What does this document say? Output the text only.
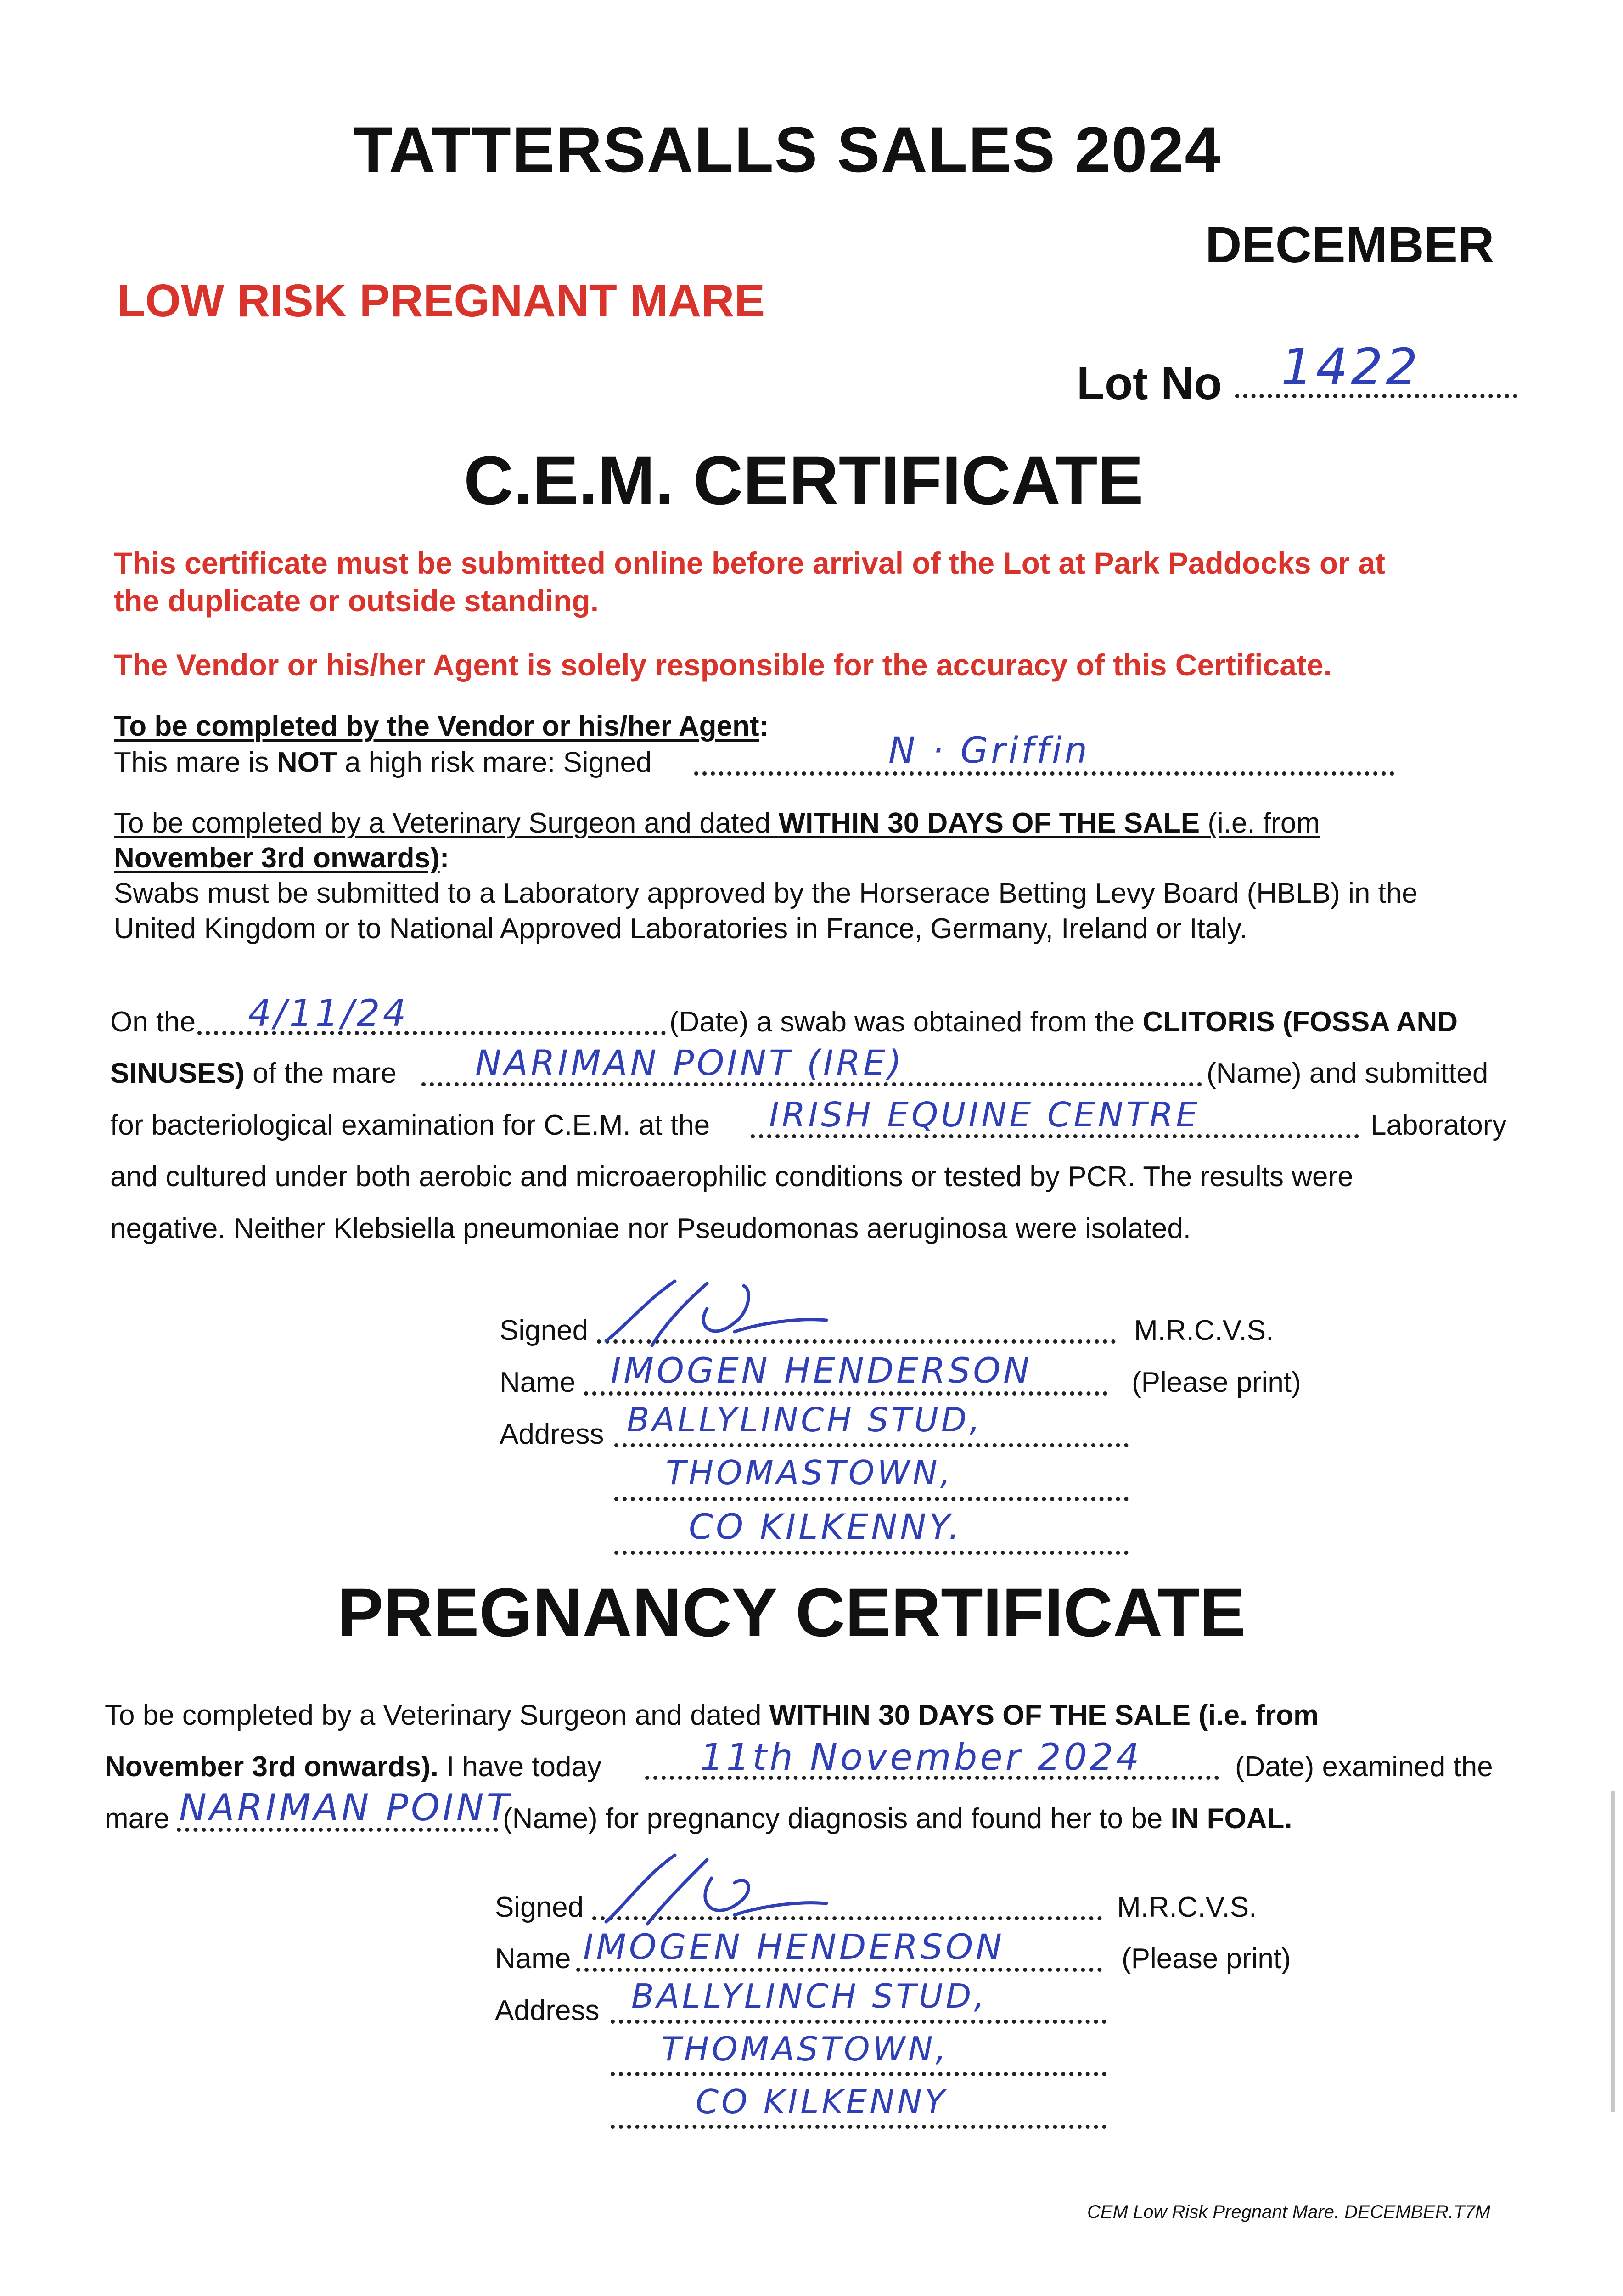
TATTERSALLS SALES 2024
DECEMBER
LOW RISK PREGNANT MARE
Lot No 1422
C.E.M. CERTIFICATE
This certificate must be submitted online before arrival of the Lot at Park Paddocks or at
the duplicate or outside standing.
The Vendor or his/her Agent is solely responsible for the accuracy of this Certificate.
To be completed by the Vendor or his/her Agent:
This mare is NOT a high risk mare: Signed	N · Griffin
To be completed by a Veterinary Surgeon and dated WITHIN 30 DAYS OF THE SALE (i.e. from
November 3rd onwards):
Swabs must be submitted to a Laboratory approved by the Horserace Betting Levy Board (HBLB) in the
United Kingdom or to National Approved Laboratories in France, Germany, Ireland or Italy.
On the 4/11/24	(Date) a swab was obtained from the CLITORIS (FOSSA AND
SINUSES) of the mare NARIMAN POINT (IRE)	(Name) and submitted
for bacteriological examination for C.E.M. at the IRISH EQUINE CENTRE	Laboratory
and cultured under both aerobic and microaerophilic conditions or tested by PCR. The results were
negative. Neither Klebsiella pneumoniae nor Pseudomonas aeruginosa were isolated.
Signed	M.R.C.V.S.
Name IMOGEN HENDERSON	(Please print)
Address BALLYLINCH STUD,
THOMASTOWN,
CO KILKENNY.
PREGNANCY CERTIFICATE
To be completed by a Veterinary Surgeon and dated WITHIN 30 DAYS OF THE SALE (i.e. from
November 3rd onwards). I have today	11th November 2024	(Date) examined the
mare NARIMAN POINT
(Name) for pregnancy diagnosis and found her to be IN FOAL.
Signed	M.R.C.V.S.
Name IMOGEN HENDERSON	(Please print)
Address BALLYLINCH STUD,
THOMASTOWN,
CO KILKENNY
CEM Low Risk Pregnant Mare. DECEMBER.T7M
